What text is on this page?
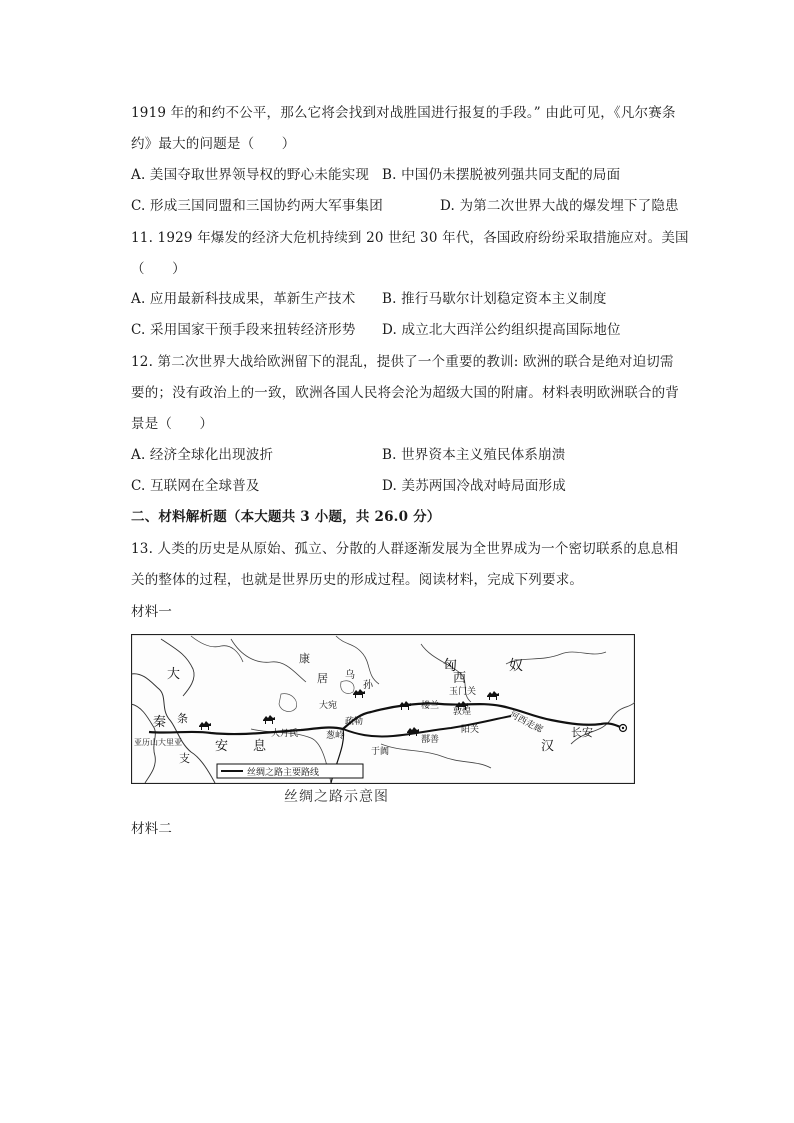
1919 年的和约不公平，那么它将会找到对战胜国进行报复的手段。” 由此可见，《凡尔赛条
约》最大的问题是（　　）
A. 美国夺取世界领导权的野心未能实现 B. 中国仍未摆脱被列强共同支配的局面
C. 形成三国同盟和三国协约两大军事集团	D. 为第二次世界大战的爆发埋下了隐患
11. 1929 年爆发的经济大危机持续到 20 世纪 30 年代，各国政府纷纷采取措施应对。美国
（　　）
A. 应用最新科技成果，革新生产技术 B. 推行马歇尔计划稳定资本主义制度
C. 采用国家干预手段来扭转经济形势 D. 成立北大西洋公约组织提高国际地位
12. 第二次世界大战给欧洲留下的混乱，提供了一个重要的教训: 欧洲的联合是绝对迫切需
要的；没有政治上的一致，欧洲各国人民将会沦为超级大国的附庸。材料表明欧洲联合的背
景是（　　）
A. 经济全球化出现波折	B. 世界资本主义殖民体系崩溃
C. 互联网在全球普及	D. 美苏两国冷战对峙局面形成
二、材料解析题（本大题共 3 小题，共 26.0 分）
13. 人类的历史是从原始、孤立、分散的人群逐渐发展为全世界成为一个密切联系的息息相
关的整体的过程，也就是世界历史的形成过程。阅读材料，完成下列要求。
材料一
大
秦 条
支
亚历山大里亚	安 息
康
居 乌
孙
大宛
疏勒
大月氏	葱岭
于阗
楼兰
玉门关
敦煌
阳关
鄯善
河西走廊
西
匈	奴
汉
长安
丝绸之路主要路线
丝绸之路示意图
材料二
